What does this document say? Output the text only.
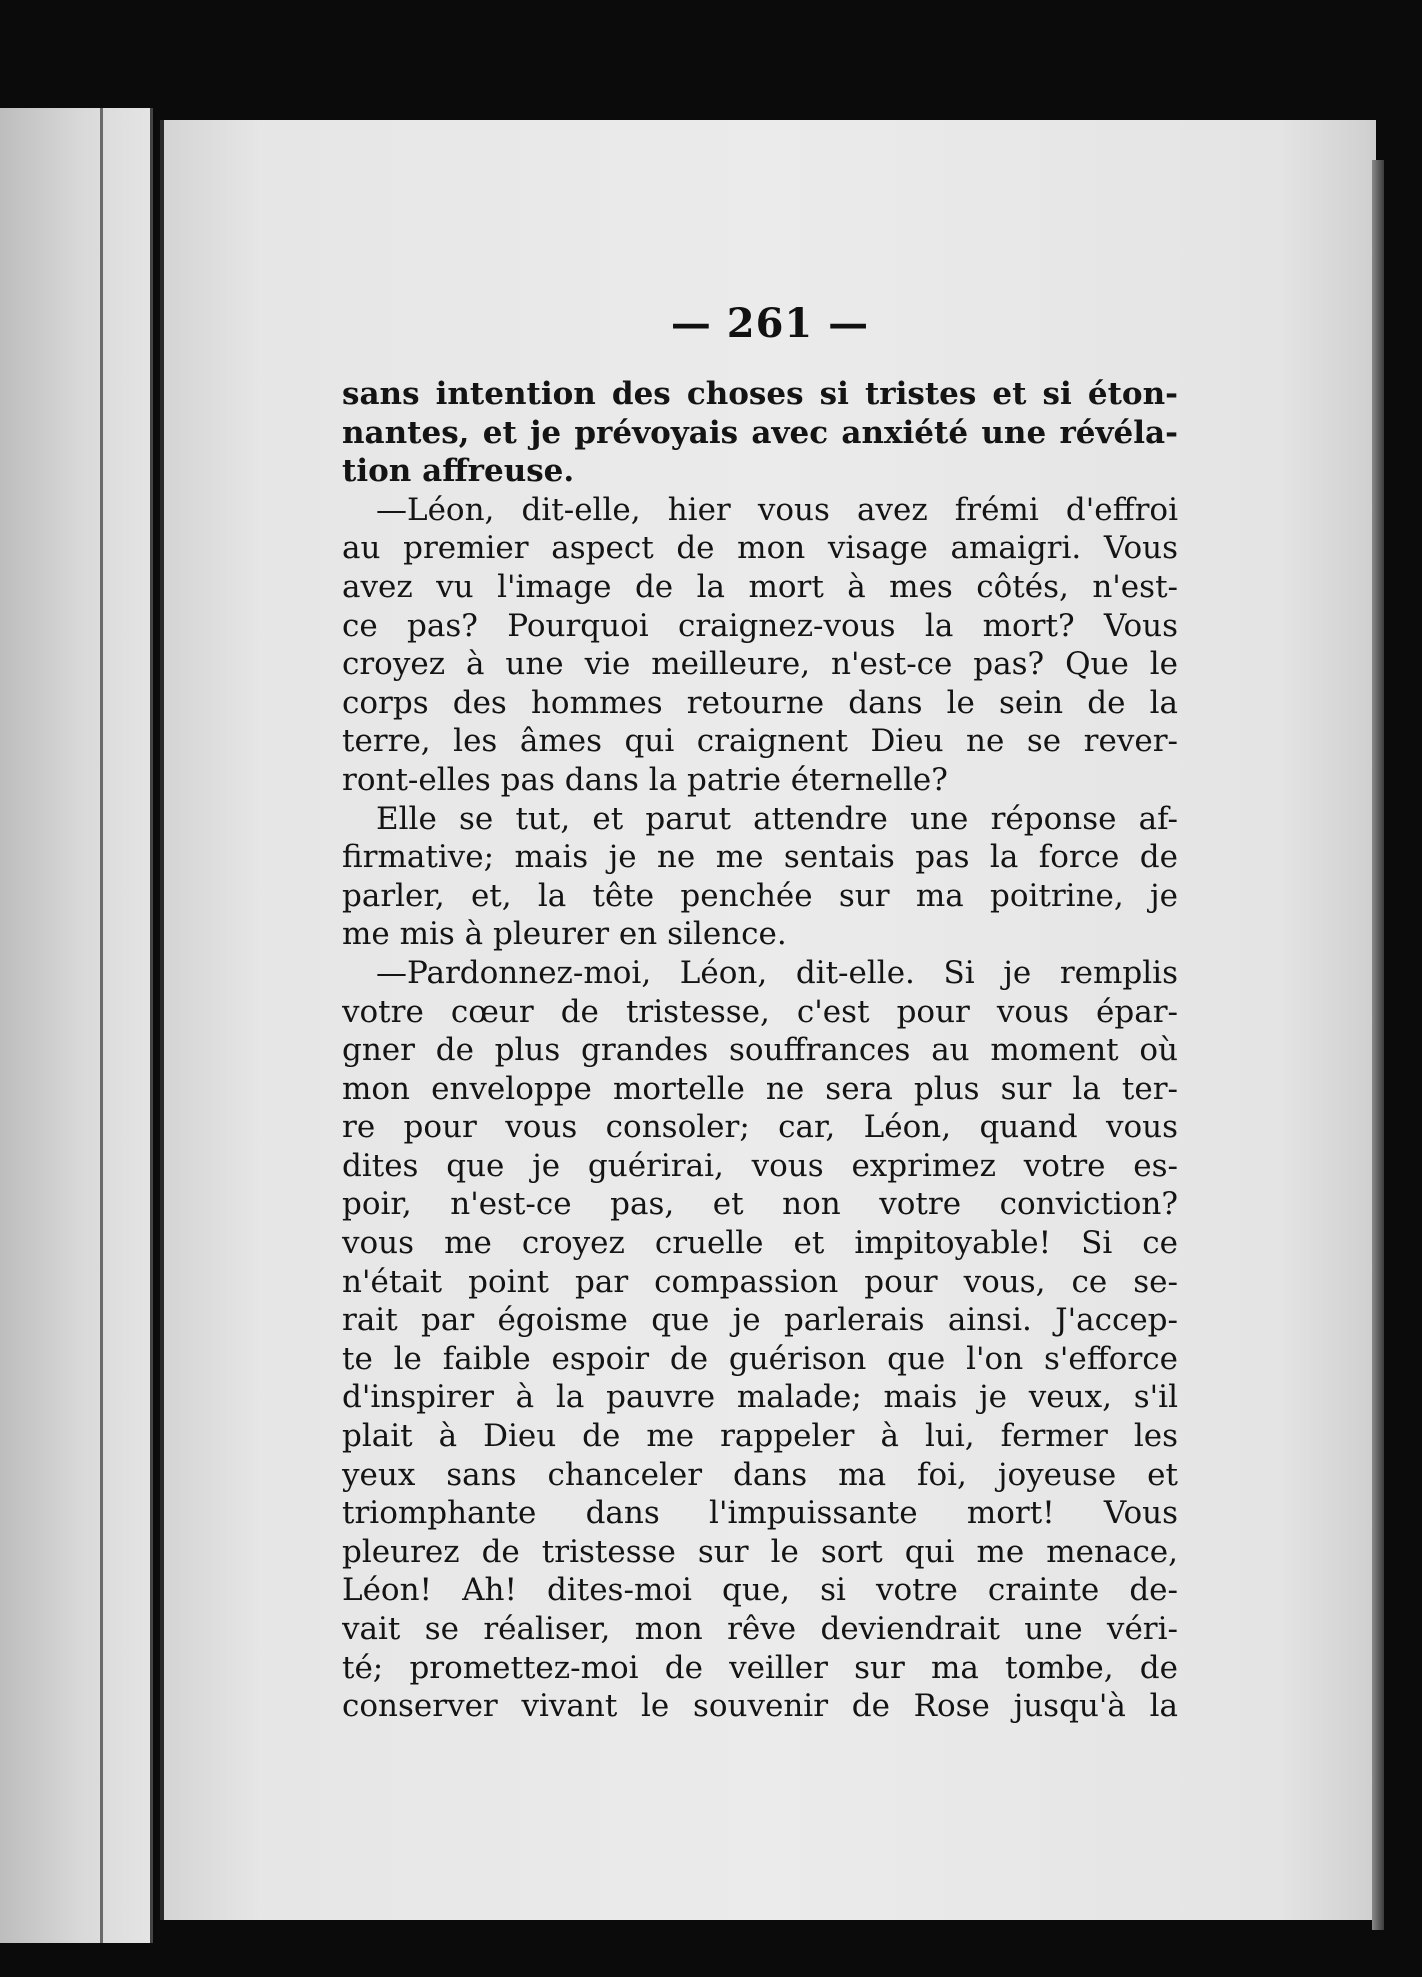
— 261 —
sans intention des choses si tristes et si éton-
nantes, et je prévoyais avec anxiété une révéla-
tion affreuse.
—Léon, dit-elle, hier vous avez frémi d'effroi
au premier aspect de mon visage amaigri. Vous
avez vu l'image de la mort à mes côtés, n'est-
ce pas? Pourquoi craignez-vous la mort? Vous
croyez à une vie meilleure, n'est-ce pas? Que le
corps des hommes retourne dans le sein de la
terre, les âmes qui craignent Dieu ne se rever-
ront-elles pas dans la patrie éternelle?
Elle se tut, et parut attendre une réponse af-
firmative; mais je ne me sentais pas la force de
parler, et, la tête penchée sur ma poitrine, je
me mis à pleurer en silence.
—Pardonnez-moi, Léon, dit-elle. Si je remplis
votre cœur de tristesse, c'est pour vous épar-
gner de plus grandes souffrances au moment où
mon enveloppe mortelle ne sera plus sur la ter-
re pour vous consoler; car, Léon, quand vous
dites que je guérirai, vous exprimez votre es-
poir, n'est-ce pas, et non votre conviction?
vous me croyez cruelle et impitoyable! Si ce
n'était point par compassion pour vous, ce se-
rait par égoisme que je parlerais ainsi. J'accep-
te le faible espoir de guérison que l'on s'efforce
d'inspirer à la pauvre malade; mais je veux, s'il
plait à Dieu de me rappeler à lui, fermer les
yeux sans chanceler dans ma foi, joyeuse et
triomphante dans l'impuissante mort! Vous
pleurez de tristesse sur le sort qui me menace,
Léon! Ah! dites-moi que, si votre crainte de-
vait se réaliser, mon rêve deviendrait une véri-
té; promettez-moi de veiller sur ma tombe, de
conserver vivant le souvenir de Rose jusqu'à la
